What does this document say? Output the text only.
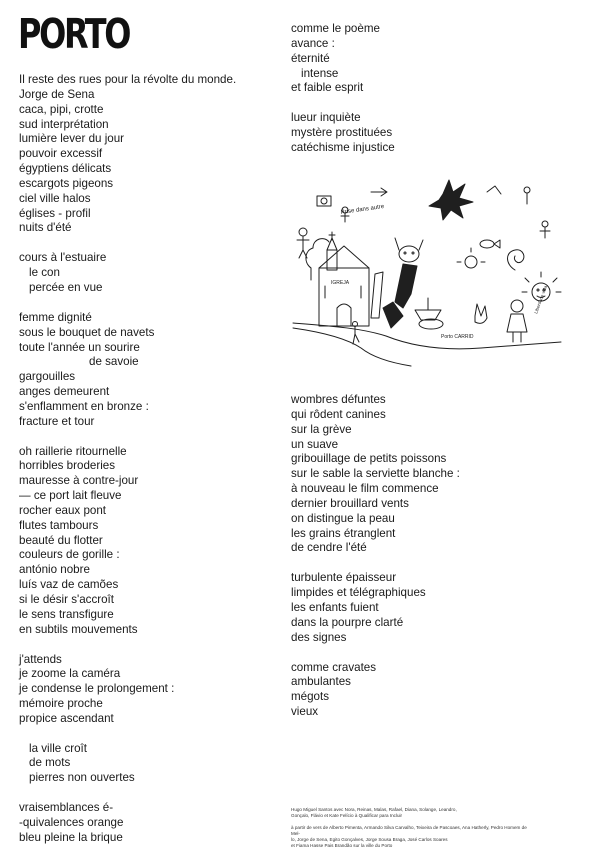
PORTO
Il reste des rues pour la révolte du monde.
Jorge de Sena
caca, pipi, crotte
sud interprétation
lumière lever du jour
pouvoir excessif
égyptiens délicats
escargots pigeons
ciel ville halos
églises - profil
nuits d'été
cours à l'estuaire
le con
percée en vue
femme dignité
sous le bouquet de navets
toute l'année un sourire
de savoie
gargouilles
anges demeurent
s'enflamment en bronze :
fracture et tour
oh raillerie ritournelle
horribles broderies
mauresse à contre-jour
— ce port lait fleuve
rocher eaux pont
flutes tambours
beauté du flotter
couleurs de gorille :
antónio nobre
luís vaz de camões
si le désir s'accroît
le sens transfigure
en subtils mouvements
j'attends
je zoome la caméra
je condense le prolongement :
mémoire proche
propice ascendant

la ville croît
de mots
pierres non ouvertes
vraisemblances é-
-quivalences orange
bleu pleine la brique
comme le poème
avance :
éternité
intense
et faible esprit
lueur inquiète
mystère prostituées
catéchisme injustice
Prise dans autre
IGREJA
Porto CARRID
Liberdade vida
wombres défuntes
qui rôdent canines
sur la grève
un suave
gribouillage de petits poissons
sur le sable la serviette blanche :
à nouveau le film commence
dernier brouillard vents
on distingue la peau
les grains étranglent
de cendre l'été
turbulente épaisseur
limpides et télégraphiques
les enfants fuient
dans la pourpre clarté
des signes
comme cravates
ambulantes
mégots
vieux
Hugo Miguel Santos avec Nora, Reinas, Malas, Rafael, Diana, Solange, Leandro,
Gonçalo, Flávio et Kate Felício à Qualificar para Incluir
à partir de vers de Alberto Pimenta, Armando Silva Carvalho, Teixeira de Pascoaes, Ana Hatherly, Pedro Homem de Mel-
lo, Jorge de Sena, Egito Gonçalves, Jorge Sousa Braga, José Carlos Soares
et Fiama Hasse Pais Brandão sur la ville du Porto
